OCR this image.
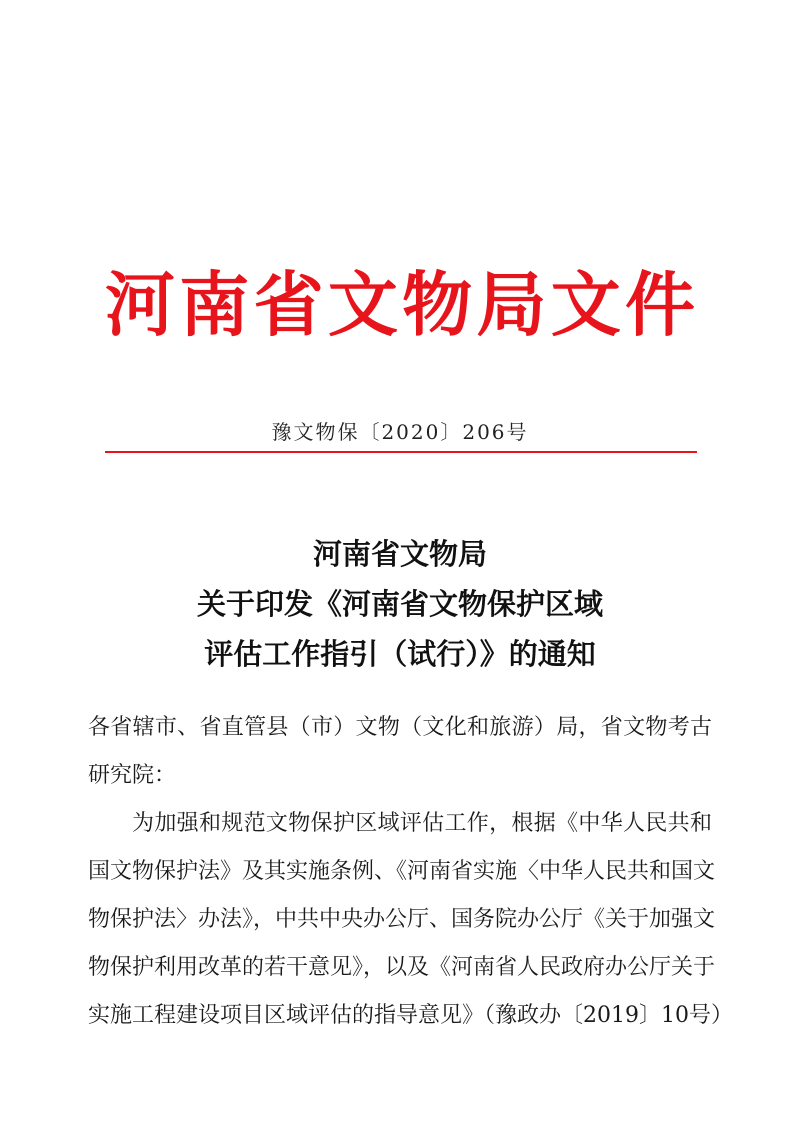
河南省文物局文件
豫文物保〔2020〕206号
河南省文物局
关于印发《河南省文物保护区域
评估工作指引（试行）》的通知
各省辖市、省直管县（市）文物（文化和旅游）局，省文物考古
研究院：
为加强和规范文物保护区域评估工作，根据《中华人民共和
国文物保护法》及其实施条例、《河南省实施〈中华人民共和国文
物保护法〉办法》，中共中央办公厅、国务院办公厅《关于加强文
物保护利用改革的若干意见》，以及《河南省人民政府办公厅关于
实施工程建设项目区域评估的指导意见》（豫政办〔2019〕10号）
